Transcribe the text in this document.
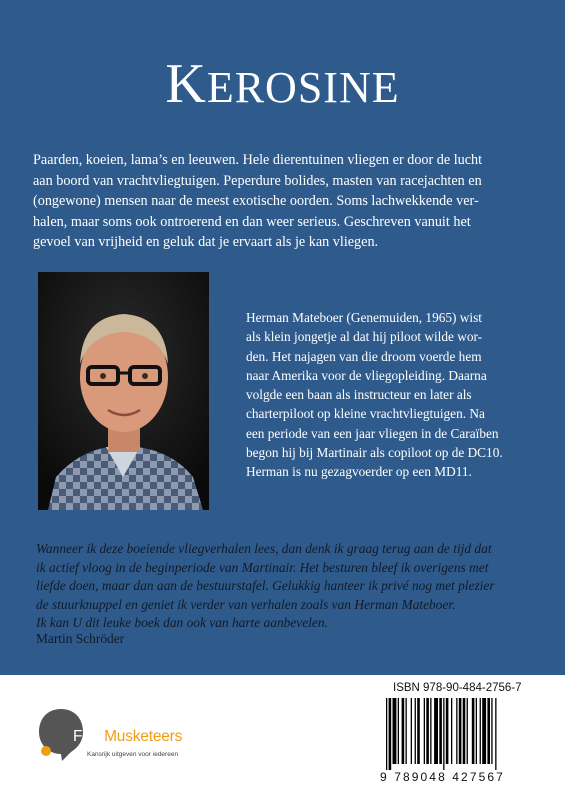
KEROSINE
Paarden, koeien, lama’s en leeuwen. Hele dierentuinen vliegen er door de lucht
aan boord van vrachtvliegtuigen. Peperdure bolides, masten van racejachten en
(ongewone) mensen naar de meest exotische oorden. Soms lachwekkende ver-
halen, maar soms ook ontroerend en dan weer serieus. Geschreven vanuit het
gevoel van vrijheid en geluk dat je ervaart als je kan vliegen.
Herman Mateboer (Genemuiden, 1965) wist
als klein jongetje al dat hij piloot wilde wor-
den. Het najagen van die droom voerde hem
naar Amerika voor de vliegopleiding. Daarna
volgde een baan als instructeur en later als
charterpiloot op kleine vrachtvliegtuigen. Na
een periode van een jaar vliegen in de Caraïben
begon hij bij Martinair als copiloot op de DC10.
Herman is nu gezagvoerder op een MD11.
Wanneer ik deze boeiende vliegverhalen lees, dan denk ik graag terug aan de tijd dat
ik actief vloog in de beginperiode van Martinair. Het besturen bleef ik overigens met
liefde doen, maar dan aan de bestuurstafel. Gelukkig hanteer ik privé nog met plezier
de stuurknuppel en geniet ik verder van verhalen zoals van Herman Mateboer.
Ik kan U dit leuke boek dan ook van harte aanbevelen.
Martin Schröder
FreeMusketeers
Kansrijk uitgeven voor iedereen
ISBN 978-90-484-2756-7
9 789048 427567
